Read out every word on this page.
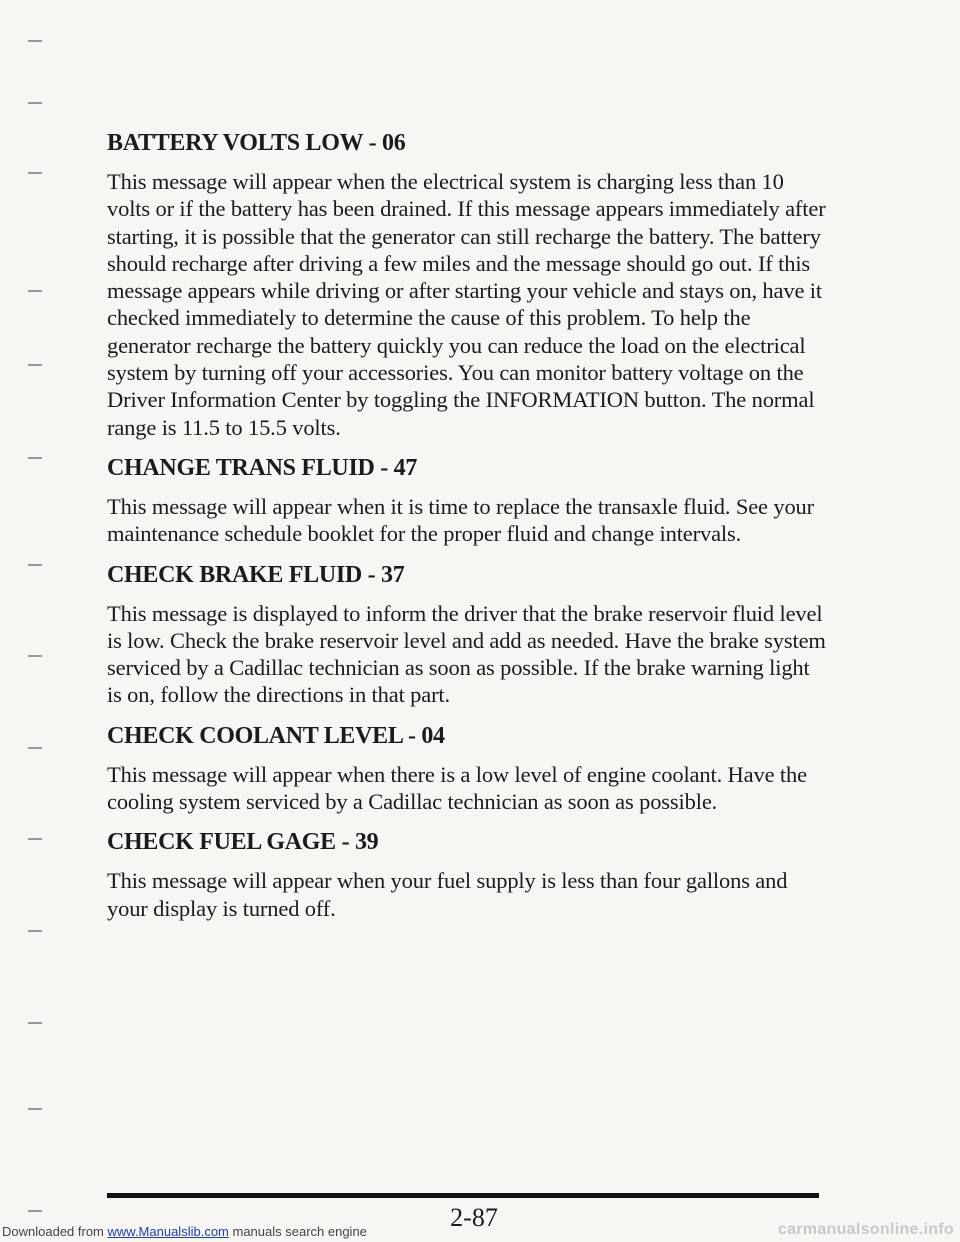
BATTERY VOLTS LOW - 06
This message will appear when the electrical system is charging less than 10 volts or if the battery has been drained. If this message appears immediately after starting, it is possible that the generator can still recharge the battery. The battery should recharge after driving a few miles and the message should go out. If this message appears while driving or after starting your vehicle and stays on, have it checked immediately to determine the cause of this problem. To help the generator recharge the battery quickly you can reduce the load on the electrical system by turning off your accessories. You can monitor battery voltage on the Driver Information Center by toggling the INFORMATION button. The normal range is 11.5 to 15.5 volts.
CHANGE TRANS FLUID - 47
This message will appear when it is time to replace the transaxle fluid. See your maintenance schedule booklet for the proper fluid and change intervals.
CHECK BRAKE FLUID - 37
This message is displayed to inform the driver that the brake reservoir fluid level is low. Check the brake reservoir level and add as needed. Have the brake system serviced by a Cadillac technician as soon as possible. If the brake warning light is on, follow the directions in that part.
CHECK COOLANT LEVEL - 04
This message will appear when there is a low level of engine coolant. Have the cooling system serviced by a Cadillac technician as soon as possible.
CHECK FUEL GAGE - 39
This message will appear when your fuel supply is less than four gallons and your display is turned off.
2-87
Downloaded from www.Manualslib.com manuals search engine	carmanualsonline.info
